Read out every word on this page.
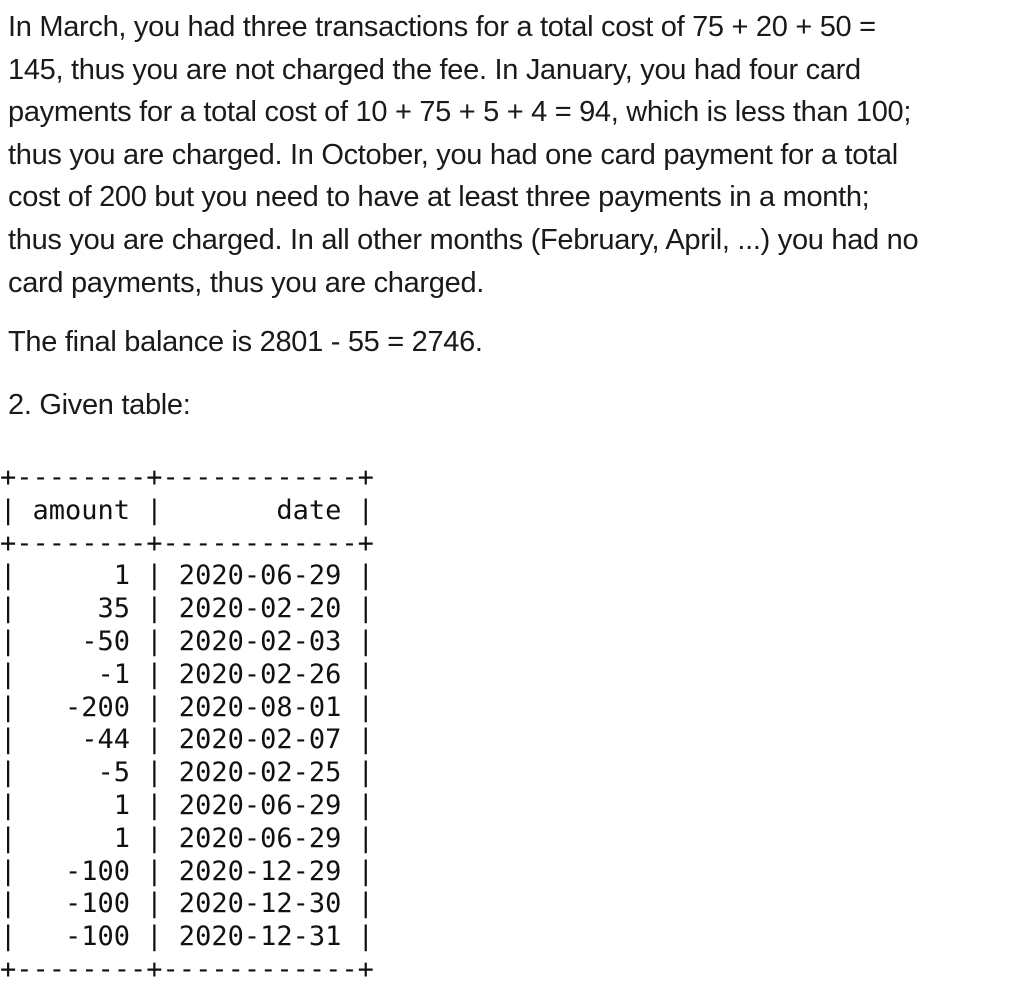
In March, you had three transactions for a total cost of 75 + 20 + 50 =
145, thus you are not charged the fee. In January, you had four card
payments for a total cost of 10 + 75 + 5 + 4 = 94, which is less than 100;
thus you are charged. In October, you had one card payment for a total
cost of 200 but you need to have at least three payments in a month;
thus you are charged. In all other months (February, April, ...) you had no
card payments, thus you are charged.

The final balance is 2801 - 55 = 2746.

2. Given table:

+--------+------------+
| amount |       date |
+--------+------------+
|      1 | 2020-06-29 |
|     35 | 2020-02-20 |
|    -50 | 2020-02-03 |
|     -1 | 2020-02-26 |
|   -200 | 2020-08-01 |
|    -44 | 2020-02-07 |
|     -5 | 2020-02-25 |
|      1 | 2020-06-29 |
|      1 | 2020-06-29 |
|   -100 | 2020-12-29 |
|   -100 | 2020-12-30 |
|   -100 | 2020-12-31 |
+--------+------------+
